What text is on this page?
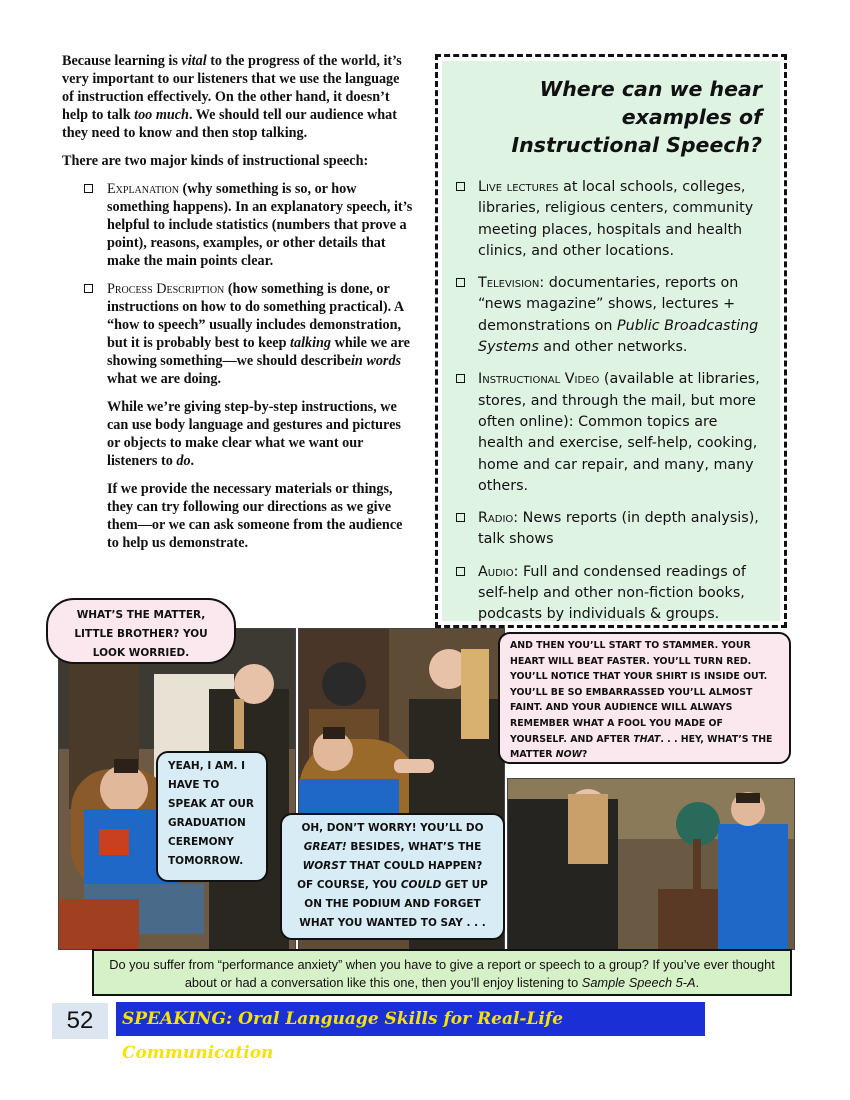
Because learning is vital to the progress of the world, it’s very important to our listeners that we use the language of instruction effectively. On the other hand, it doesn’t help to talk too much. We should tell our audience what they need to know and then stop talking.

There are two major kinds of instructional speech:

Explanation (why something is so, or how something happens). In an explanatory speech, it’s helpful to include statistics (numbers that prove a point), reasons, examples, or other details that make the main points clear.
Process Description (how something is done, or instructions on how to do something practical). A “how to speech” usually includes demonstration, but it is probably best to keep talking while we are showing something—we should describein words what we are doing.

While we’re giving step-by-step instructions, we can use body language and gestures and pictures or objects to make clear what we want our listeners to do.

If we provide the necessary materials or things, they can try following our directions as we give them—or we can ask someone from the audience to help us demonstrate.

Where can we hear
examples of
Instructional Speech?
Live lectures at local schools, colleges, libraries, religious centers, community meeting places, hospitals and health clinics, and other locations.
Television: documentaries, reports on “news magazine” shows, lectures + demonstrations on Public Broadcasting Systems and other networks.
Instructional Video (available at libraries, stores, and through the mail, but more often online): Common topics are health and exercise, self-help, cooking, home and car repair, and many, many others.
Radio: News reports (in depth analysis), talk shows
Audio: Full and condensed readings of self-help and other non-fiction books, podcasts by individuals & groups.
WHAT’S THE MATTER, LITTLE BROTHER? YOU LOOK WORRIED.
YEAH, I AM. I HAVE TO SPEAK AT OUR GRADUATION CEREMONY TOMORROW.
OH, DON’T WORRY! YOU’LL DO GREAT! BESIDES, WHAT’S THE WORST THAT COULD HAPPEN?
OF COURSE, YOU COULD GET UP ON THE PODIUM AND FORGET WHAT YOU WANTED TO SAY . . .
AND THEN YOU’LL START TO STAMMER. YOUR HEART WILL BEAT FASTER. YOU’LL TURN RED. YOU’LL NOTICE THAT YOUR SHIRT IS INSIDE OUT. YOU’LL BE SO EMBARRASSED YOU’LL ALMOST FAINT. AND YOUR AUDIENCE WILL ALWAYS REMEMBER WHAT A FOOL YOU MADE OF YOURSELF. AND AFTER THAT. . . HEY, WHAT’S THE MATTER NOW?
Do you suffer from “performance anxiety” when you have to give a report or speech to a group? If you’ve ever thought about or had a conversation like this one, then you’ll enjoy listening to Sample Speech 5-A.
52	SPEAKING: Oral Language Skills for Real-Life Communication
